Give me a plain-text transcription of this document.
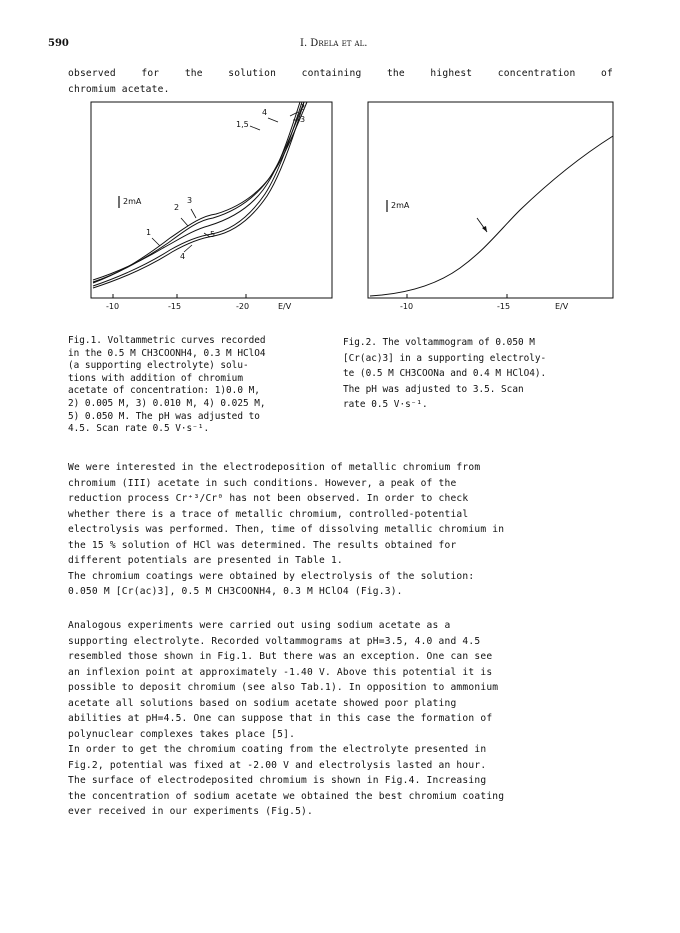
590	I. Drela et al.
observed for the solution containing the highest concentration of
chromium acetate.
2mA
1
2
3
4
5
1,5
4
2
3
-10	-15	-20	E/V
2mA
-10	-15	E/V
Fig.1. Voltammetric curves recorded
in the 0.5 M CH3COONH4, 0.3 M HClO4
(a supporting electrolyte) solu-
tions with addition of chromium
acetate of concentration: 1)0.0 M,
2) 0.005 M, 3) 0.010 M, 4) 0.025 M,
5) 0.050 M. The pH was adjusted to
4.5. Scan rate 0.5 V·s⁻¹.
Fig.2. The voltammogram of 0.050 M
[Cr(ac)3] in a supporting electroly-
te (0.5 M CH3COONa and 0.4 M HClO4).
The pH was adjusted to 3.5. Scan
rate 0.5 V·s⁻¹.
We were interested in the electrodeposition of metallic chromium from
chromium (III) acetate in such conditions. However, a peak of the
reduction process Cr⁺³/Cr⁰ has not been observed. In order to check
whether there is a trace of metallic chromium, controlled-potential
electrolysis was performed. Then, time of dissolving metallic chromium in
the 15 % solution of HCl was determined. The results obtained for
different potentials are presented in Table 1.
The chromium coatings were obtained by electrolysis of the solution:
0.050 M [Cr(ac)3], 0.5 M CH3COONH4, 0.3 M HClO4 (Fig.3).
Analogous experiments were carried out using sodium acetate as a
supporting electrolyte. Recorded voltammograms at pH=3.5, 4.0 and 4.5
resembled those shown in Fig.1. But there was an exception. One can see
an inflexion point at approximately -1.40 V. Above this potential it is
possible to deposit chromium (see also Tab.1). In opposition to ammonium
acetate all solutions based on sodium acetate showed poor plating
abilities at pH=4.5. One can suppose that in this case the formation of
polynuclear complexes takes place [5].
In order to get the chromium coating from the electrolyte presented in
Fig.2, potential was fixed at -2.00 V and electrolysis lasted an hour.
The surface of electrodeposited chromium is shown in Fig.4. Increasing
the concentration of sodium acetate we obtained the best chromium coating
ever received in our experiments (Fig.5).
